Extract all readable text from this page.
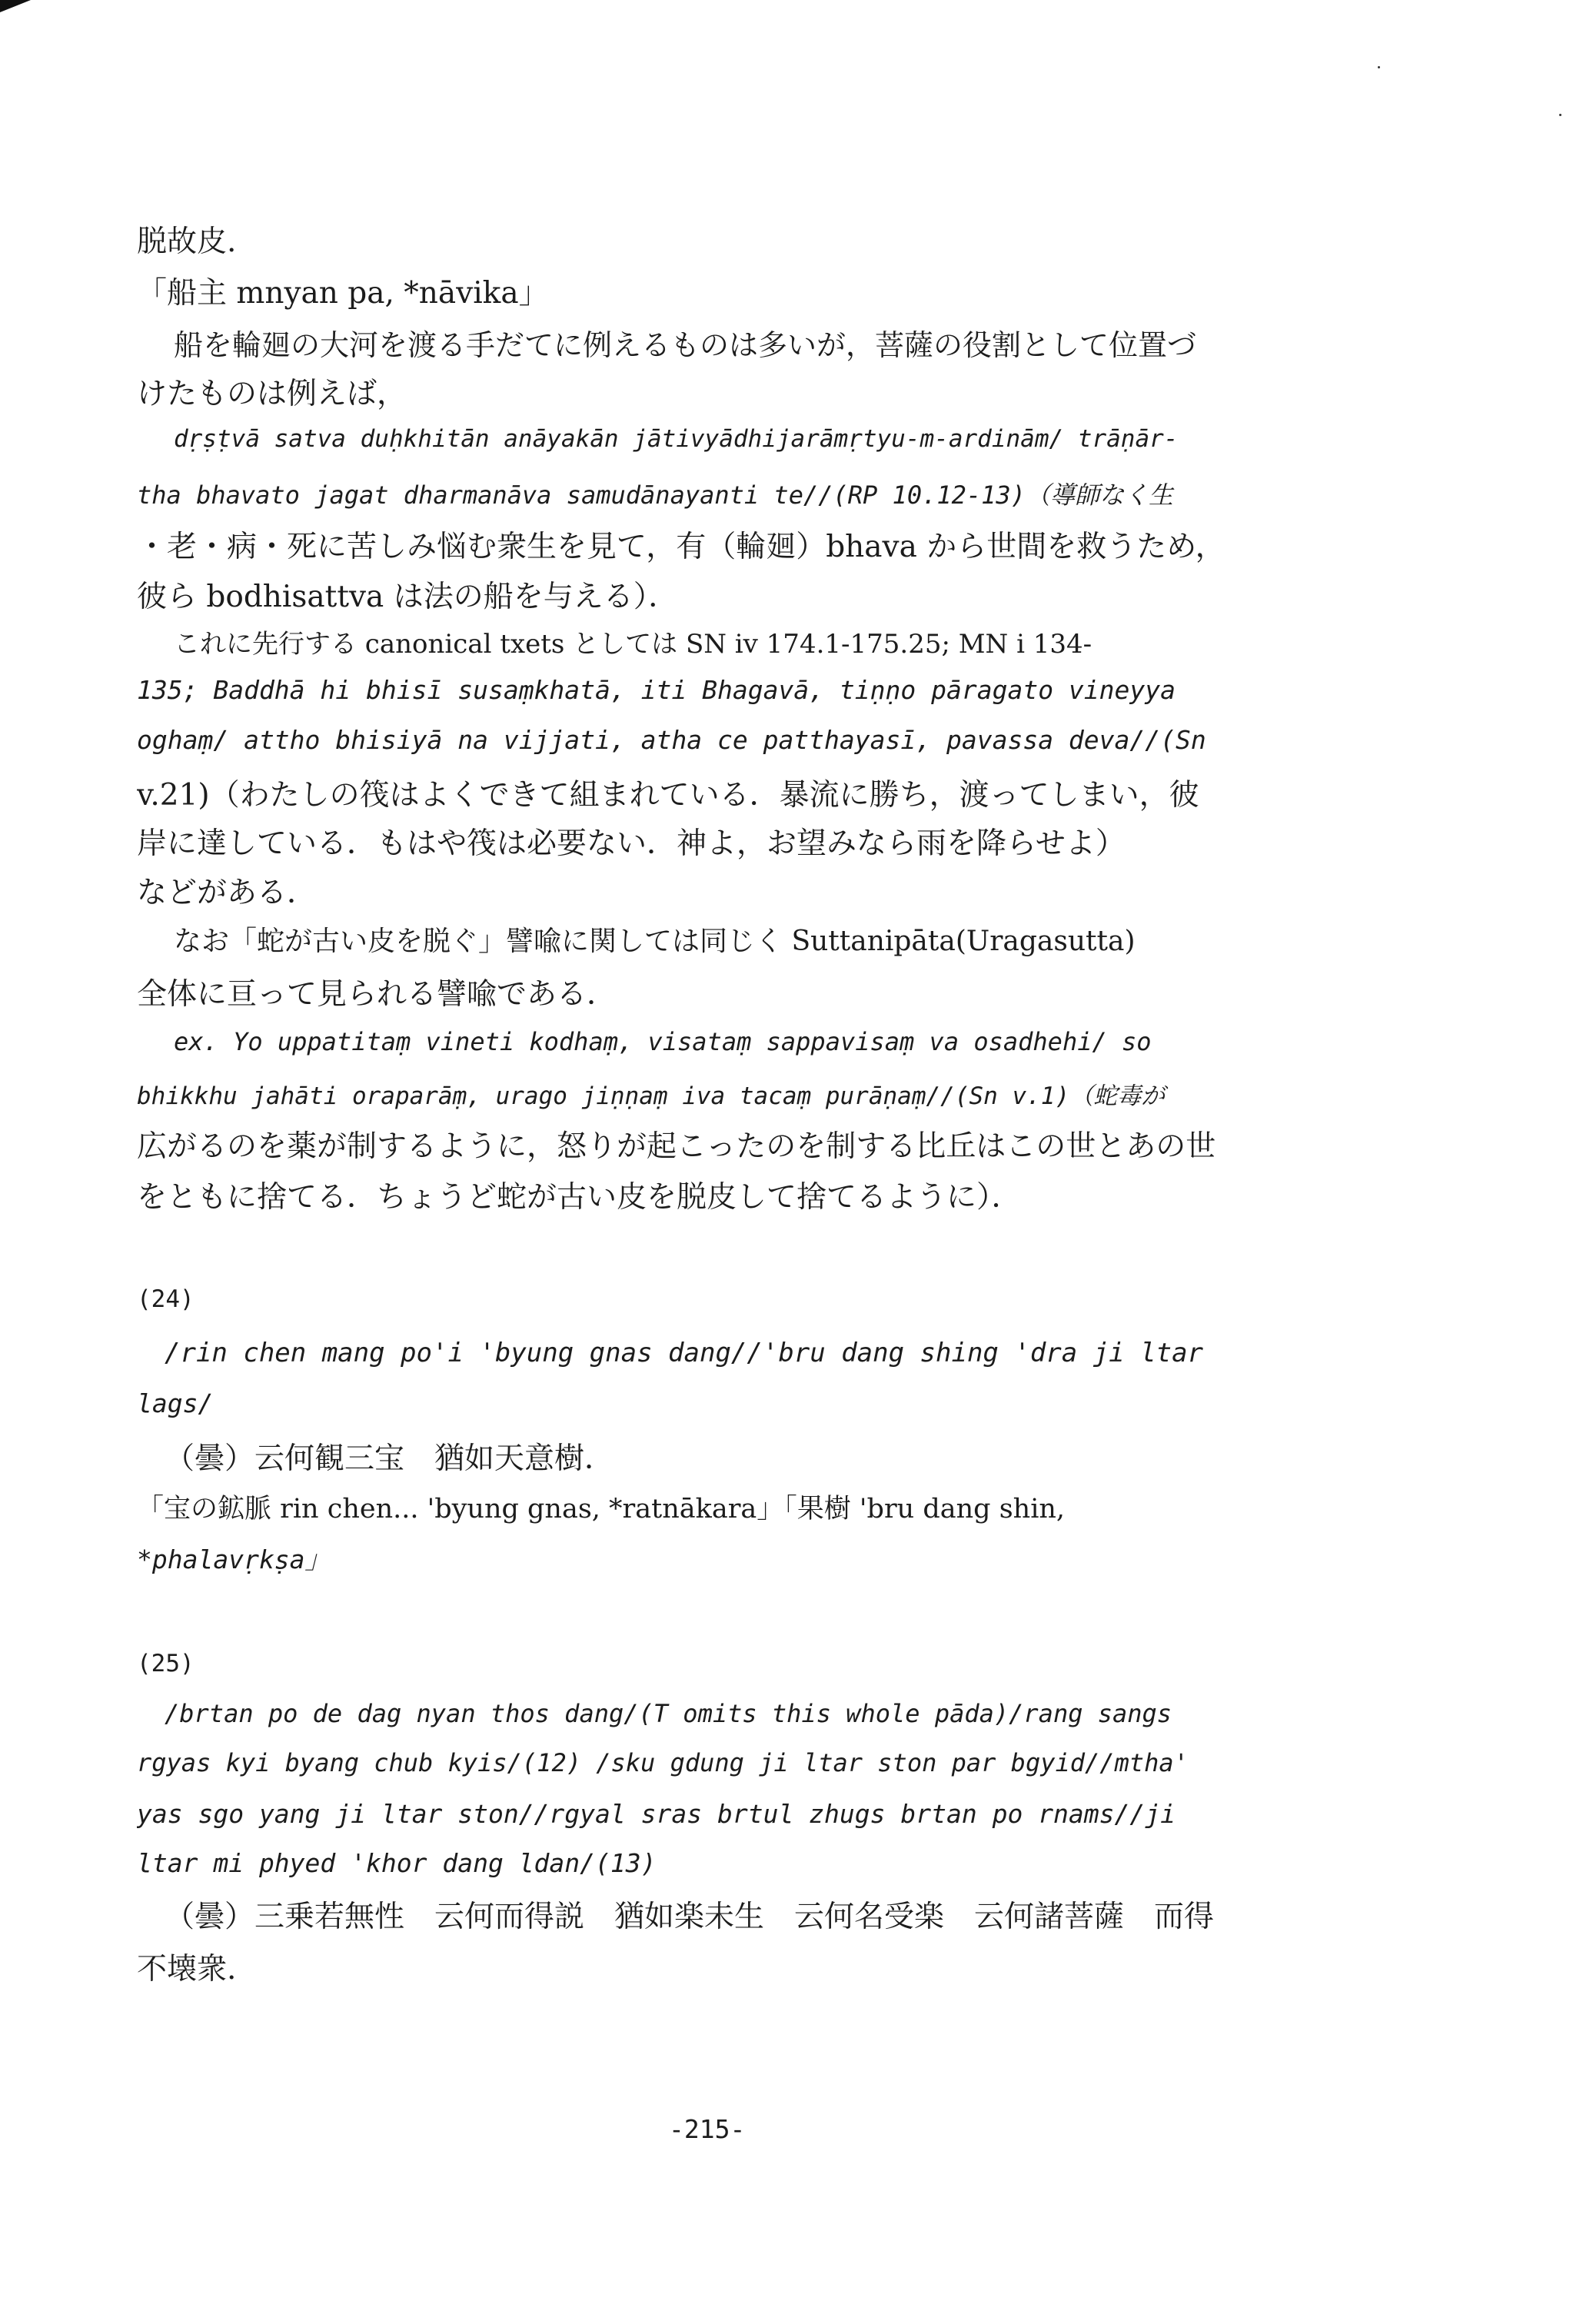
脱故皮.
「船主 mnyan pa, *nāvika」
船を輪廻の大河を渡る手だてに例えるものは多いが，菩薩の役割として位置づ
けたものは例えば，
dṛṣṭvā satva duḥkhitān anāyakān jātivyādhijarāmṛtyu-m-ardinām/ trāṇār-
tha bhavato jagat dharmanāva samudānayanti te//(RP 10.12-13)（導師なく生
・老・病・死に苦しみ悩む衆生を見て，有（輪廻）bhava から世間を救うため，
彼ら bodhisattva は法の船を与える）．
これに先行する canonical txets としては SN iv 174.1-175.25; MN i 134-
135; Baddhā hi bhisī susaṃkhatā, iti Bhagavā, tiṇṇo pāragato vineyya
oghaṃ/ attho bhisiyā na vijjati, atha ce patthayasī, pavassa deva//(Sn
v.21)（わたしの筏はよくできて組まれている．暴流に勝ち，渡ってしまい，彼
岸に達している．もはや筏は必要ない．神よ，お望みなら雨を降らせよ）
などがある．
なお「蛇が古い皮を脱ぐ」譬喩に関しては同じく Suttanipāta(Uragasutta)
全体に亘って見られる譬喩である．
ex. Yo uppatitaṃ vineti kodhaṃ, visataṃ sappavisaṃ va osadhehi/ so
bhikkhu jahāti oraparāṃ, urago jiṇṇaṃ iva tacaṃ purāṇaṃ//(Sn v.1)（蛇毒が
広がるのを薬が制するように，怒りが起こったのを制する比丘はこの世とあの世
をともに捨てる．ちょうど蛇が古い皮を脱皮して捨てるように）．
(24)
/rin chen mang po'i 'byung gnas dang//'bru dang shing 'dra ji ltar
lags/
（曇）云何観三宝　猶如天意樹．
「宝の鉱脈 rin chen... 'byung gnas, *ratnākara」「果樹 'bru dang shin,
*phalavṛkṣa」
(25)
/brtan po de dag nyan thos dang/(T omits this whole pāda)/rang sangs
rgyas kyi byang chub kyis/(12) /sku gdung ji ltar ston par bgyid//mtha'
yas sgo yang ji ltar ston//rgyal sras brtul zhugs brtan po rnams//ji
ltar mi phyed 'khor dang ldan/(13)
（曇）三乗若無性　云何而得説　猶如楽未生　云何名受楽　云何諸菩薩　而得
不壊衆.
-215-
